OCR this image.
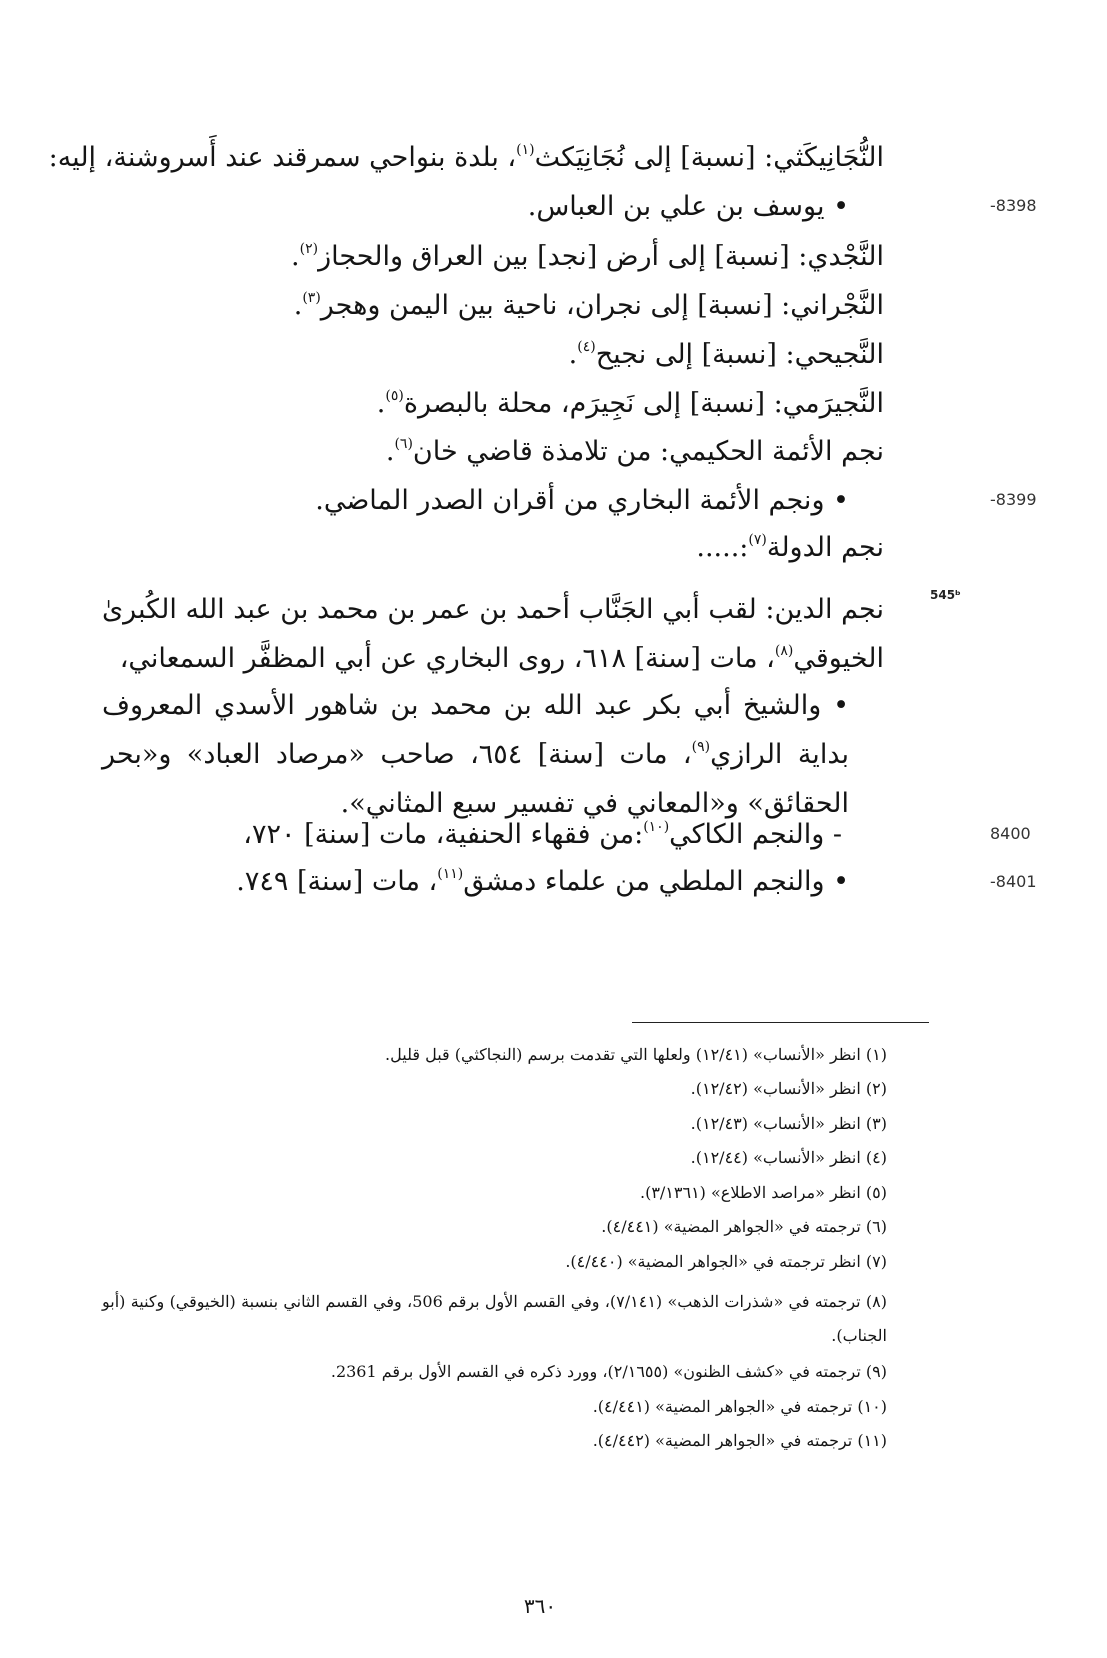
النُّجَانِيكَثي: [نسبة] إلى نُجَانِيَكث$^{(١)}$، بلدة بنواحي سمرقند عند أَسروشنة، إليه:
-8398
• يوسف بن علي بن العباس.
النَّجْدي: [نسبة] إلى أرض [نجد] بين العراق والحجاز$^{(٢)}$.
النَّجْراني: [نسبة] إلى نجران، ناحية بين اليمن وهجر$^{(٣)}$.
النَّجيحي: [نسبة] إلى نجيح$^{(٤)}$.
النَّجيرَمي: [نسبة] إلى نَجِيرَم، محلة بالبصرة$^{(٥)}$.
نجم الأئمة الحكيمي: من تلامذة قاضي خان$^{(٦)}$.
-8399
• ونجم الأئمة البخاري من أقران الصدر الماضي.
نجم الدولة$^{(٧)}$:.....
545ᵇ
نجم الدين: لقب أبي الجَنَّاب أحمد بن عمر بن محمد بن عبد الله الكُبرىٰ الخيوقي$^{(٨)}$، مات [سنة] ٦١٨، روى البخاري عن أبي المظفَّر السمعاني،
• والشيخ أبي بكر عبد الله بن محمد بن شاهور الأسدي المعروف بداية الرازي$^{(٩)}$، مات [سنة] ٦٥٤، صاحب «مرصاد العباد» و«بحر الحقائق» و«المعاني في تفسير سبع المثاني».
8400
- والنجم الكاكي$^{(١٠)}$:من فقهاء الحنفية، مات [سنة] ٧٢٠،
-8401
• والنجم الملطي من علماء دمشق$^{(١١)}$، مات [سنة] ٧٤٩.
(١) انظر «الأنساب» (١٢/٤١) ولعلها التي تقدمت برسم (النجاكثي) قبل قليل.
(٢) انظر «الأنساب» (١٢/٤٢).
(٣) انظر «الأنساب» (١٢/٤٣).
(٤) انظر «الأنساب» (١٢/٤٤).
(٥) انظر «مراصد الاطلاع» (٣/١٣٦١).
(٦) ترجمته في «الجواهر المضية» (٤/٤٤١).
(٧) انظر ترجمته في «الجواهر المضية» (٤/٤٤٠).
(٨) ترجمته في «شذرات الذهب» (٧/١٤١)، وفي القسم الأول برقم 506، وفي القسم الثاني بنسبة (الخيوقي) وكنية (أبو الجناب).
(٩) ترجمته في «كشف الظنون» (٢/١٦٥٥)، وورد ذكره في القسم الأول برقم 2361.
(١٠) ترجمته في «الجواهر المضية» (٤/٤٤١).
(١١) ترجمته في «الجواهر المضية» (٤/٤٤٢).
٣٦٠
